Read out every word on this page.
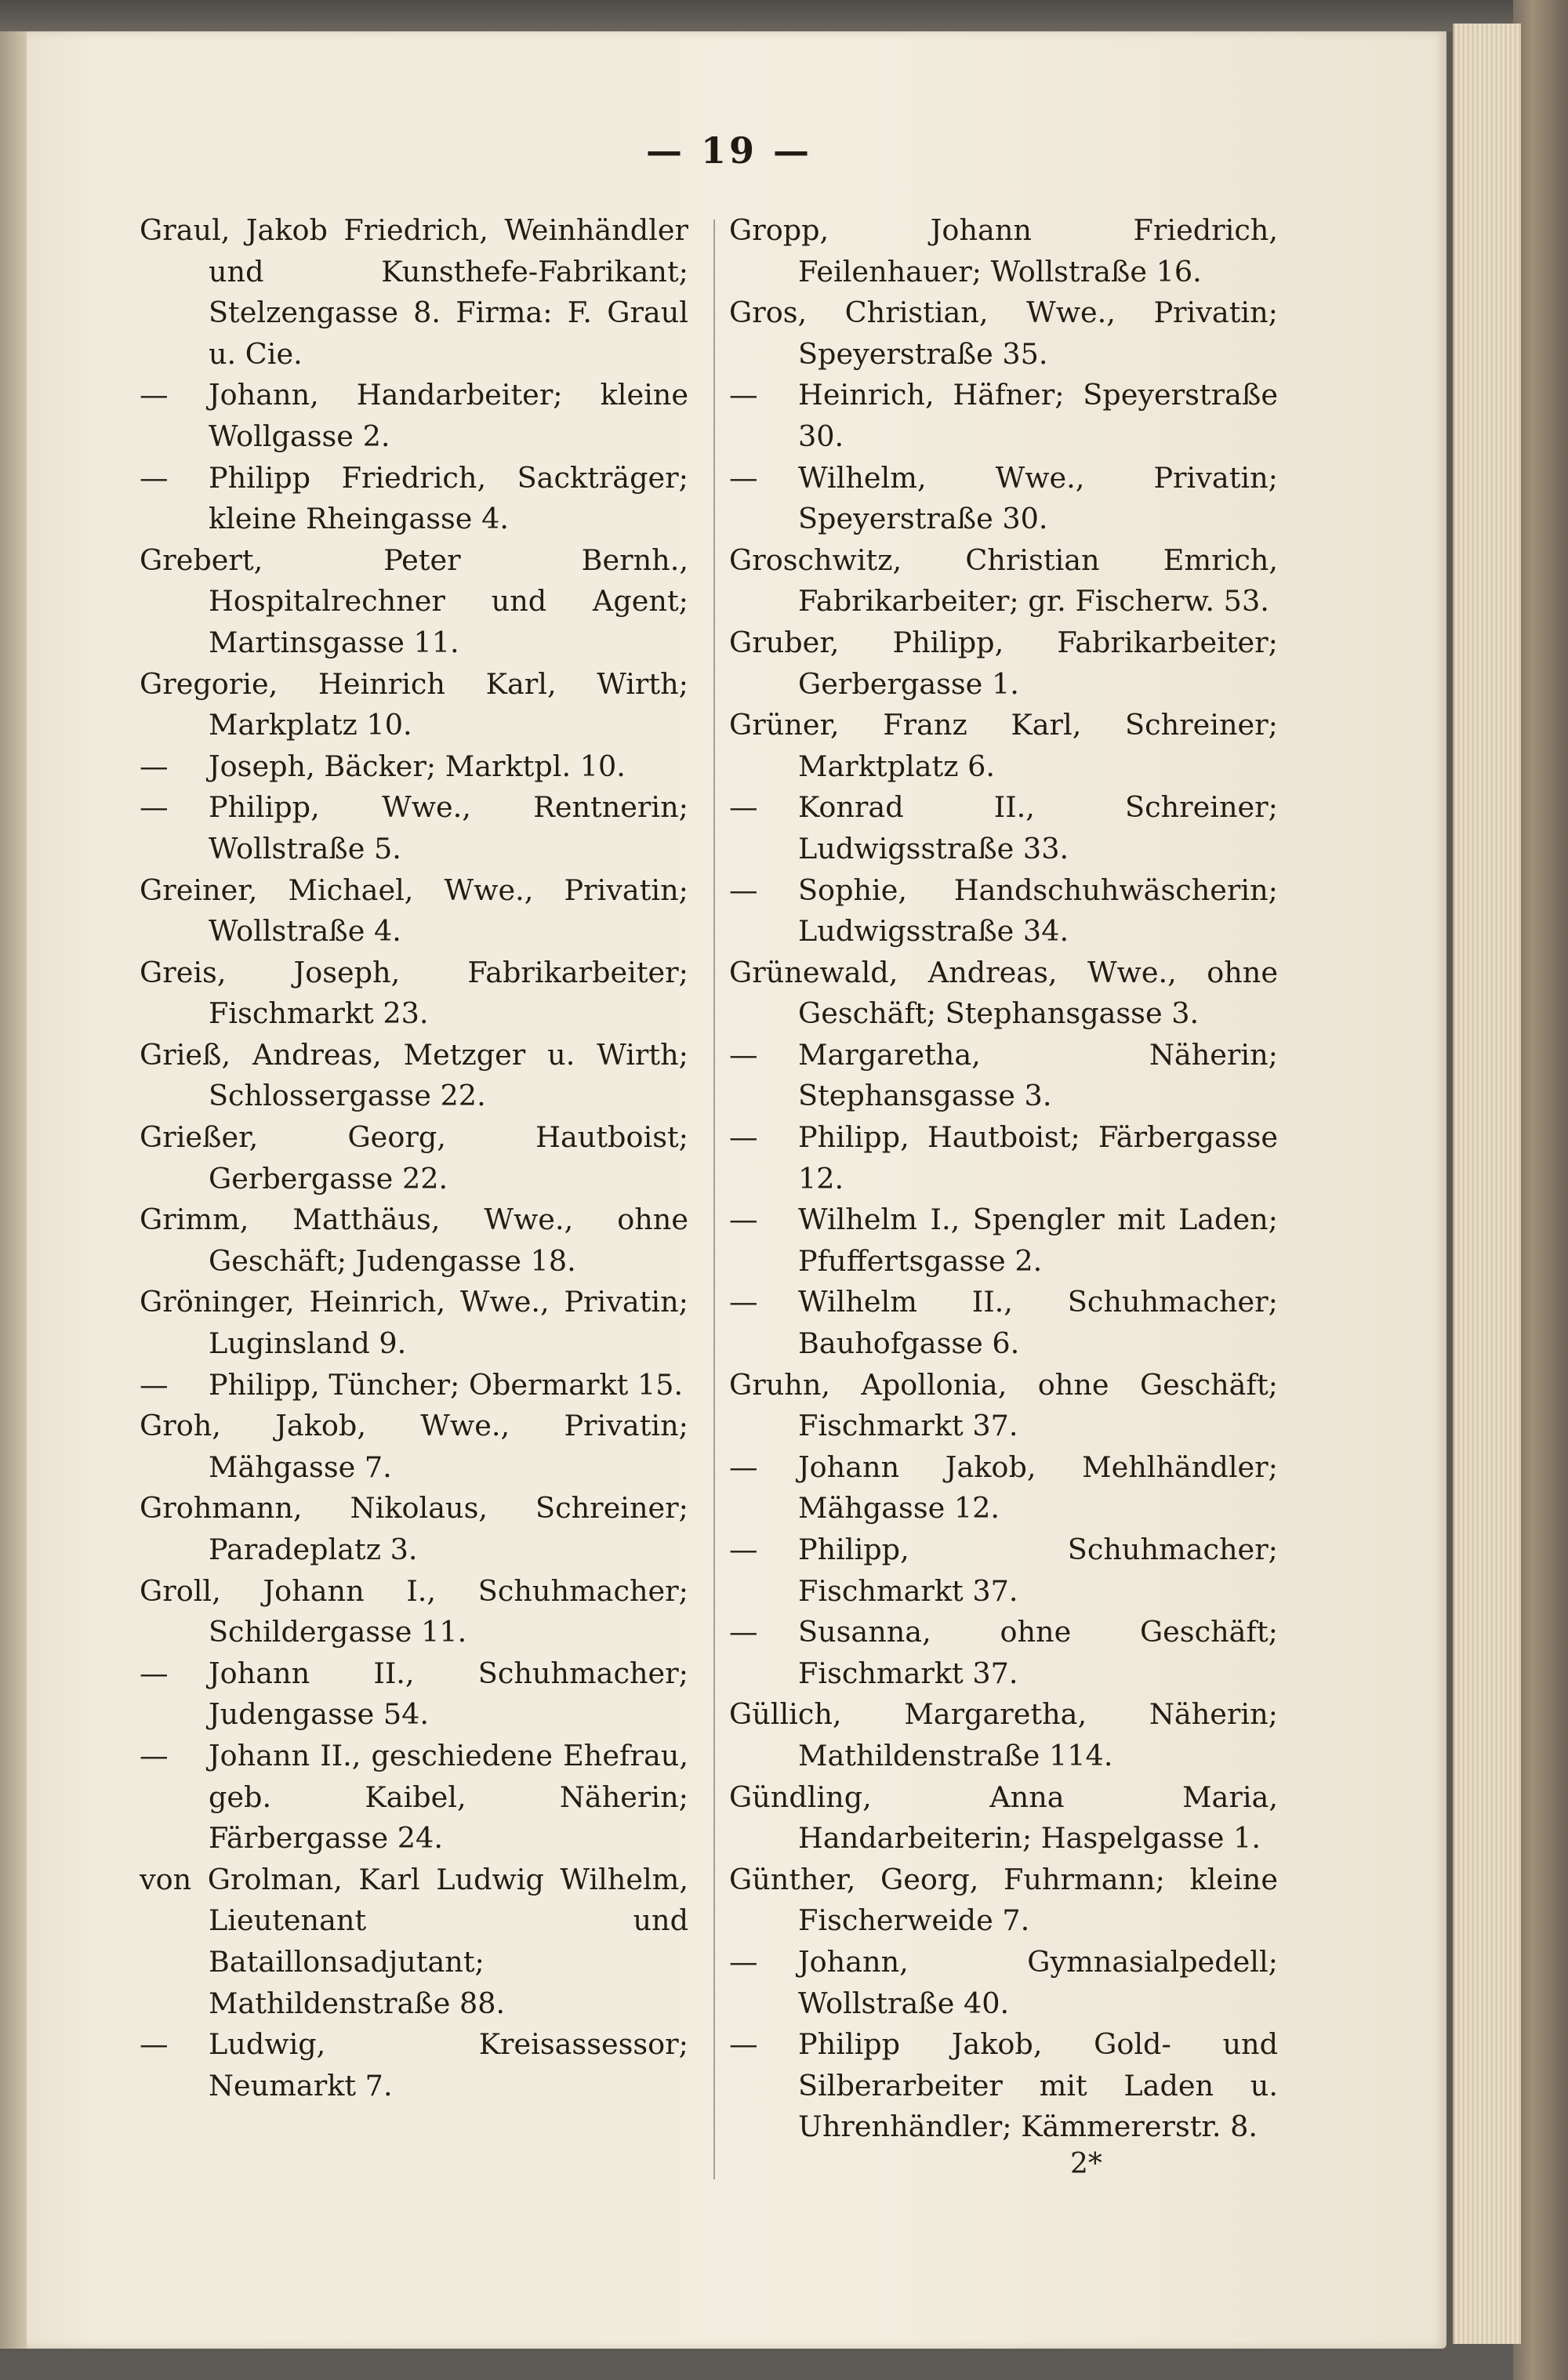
— 19 —

Graul, Jakob Friedrich, Weinhändler und Kunsthefe-Fabrikant; Stelzengasse 8. Firma: F. Graul u. Cie.

— Johann, Handarbeiter; kleine Wollgasse 2.

— Philipp Friedrich, Sackträger; kleine Rheingasse 4.

Grebert, Peter Bernh., Hospitalrechner und Agent; Martinsgasse 11.

Gregorie, Heinrich Karl, Wirth; Markplatz 10.

— Joseph, Bäcker; Marktpl. 10.

— Philipp, Wwe., Rentnerin; Wollstraße 5.

Greiner, Michael, Wwe., Privatin; Wollstraße 4.

Greis, Joseph, Fabrikarbeiter; Fischmarkt 23.

Grieß, Andreas, Metzger u. Wirth; Schlossergasse 22.

Grießer, Georg, Hautboist; Gerbergasse 22.

Grimm, Matthäus, Wwe., ohne Geschäft; Judengasse 18.

Gröninger, Heinrich, Wwe., Privatin; Luginsland 9.

— Philipp, Tüncher; Obermarkt 15.

Groh, Jakob, Wwe., Privatin; Mähgasse 7.

Grohmann, Nikolaus, Schreiner; Paradeplatz 3.

Groll, Johann I., Schuhmacher; Schildergasse 11.

— Johann II., Schuhmacher; Judengasse 54.

— Johann II., geschiedene Ehefrau, geb. Kaibel, Näherin; Färbergasse 24.

von Grolman, Karl Ludwig Wilhelm, Lieutenant und Bataillonsadjutant; Mathildenstraße 88.

— Ludwig, Kreisassessor; Neumarkt 7.

Gropp, Johann Friedrich, Feilenhauer; Wollstraße 16.

Gros, Christian, Wwe., Privatin; Speyerstraße 35.

— Heinrich, Häfner; Speyerstraße 30.

— Wilhelm, Wwe., Privatin; Speyerstraße 30.

Groschwitz, Christian Emrich, Fabrikarbeiter; gr. Fischerw. 53.

Gruber, Philipp, Fabrikarbeiter; Gerbergasse 1.

Grüner, Franz Karl, Schreiner; Marktplatz 6.

— Konrad II., Schreiner; Ludwigsstraße 33.

— Sophie, Handschuhwäscherin; Ludwigsstraße 34.

Grünewald, Andreas, Wwe., ohne Geschäft; Stephansgasse 3.

— Margaretha, Näherin; Stephansgasse 3.

— Philipp, Hautboist; Färbergasse 12.

— Wilhelm I., Spengler mit Laden; Pfuffertsgasse 2.

— Wilhelm II., Schuhmacher; Bauhofgasse 6.

Gruhn, Apollonia, ohne Geschäft; Fischmarkt 37.

— Johann Jakob, Mehlhändler; Mähgasse 12.

— Philipp, Schuhmacher; Fischmarkt 37.

— Susanna, ohne Geschäft; Fischmarkt 37.

Güllich, Margaretha, Näherin; Mathildenstraße 114.

Gündling, Anna Maria, Handarbeiterin; Haspelgasse 1.

Günther, Georg, Fuhrmann; kleine Fischerweide 7.

— Johann, Gymnasialpedell; Wollstraße 40.

— Philipp Jakob, Gold- und Silberarbeiter mit Laden u. Uhrenhändler; Kämmererstr. 8.

2*
